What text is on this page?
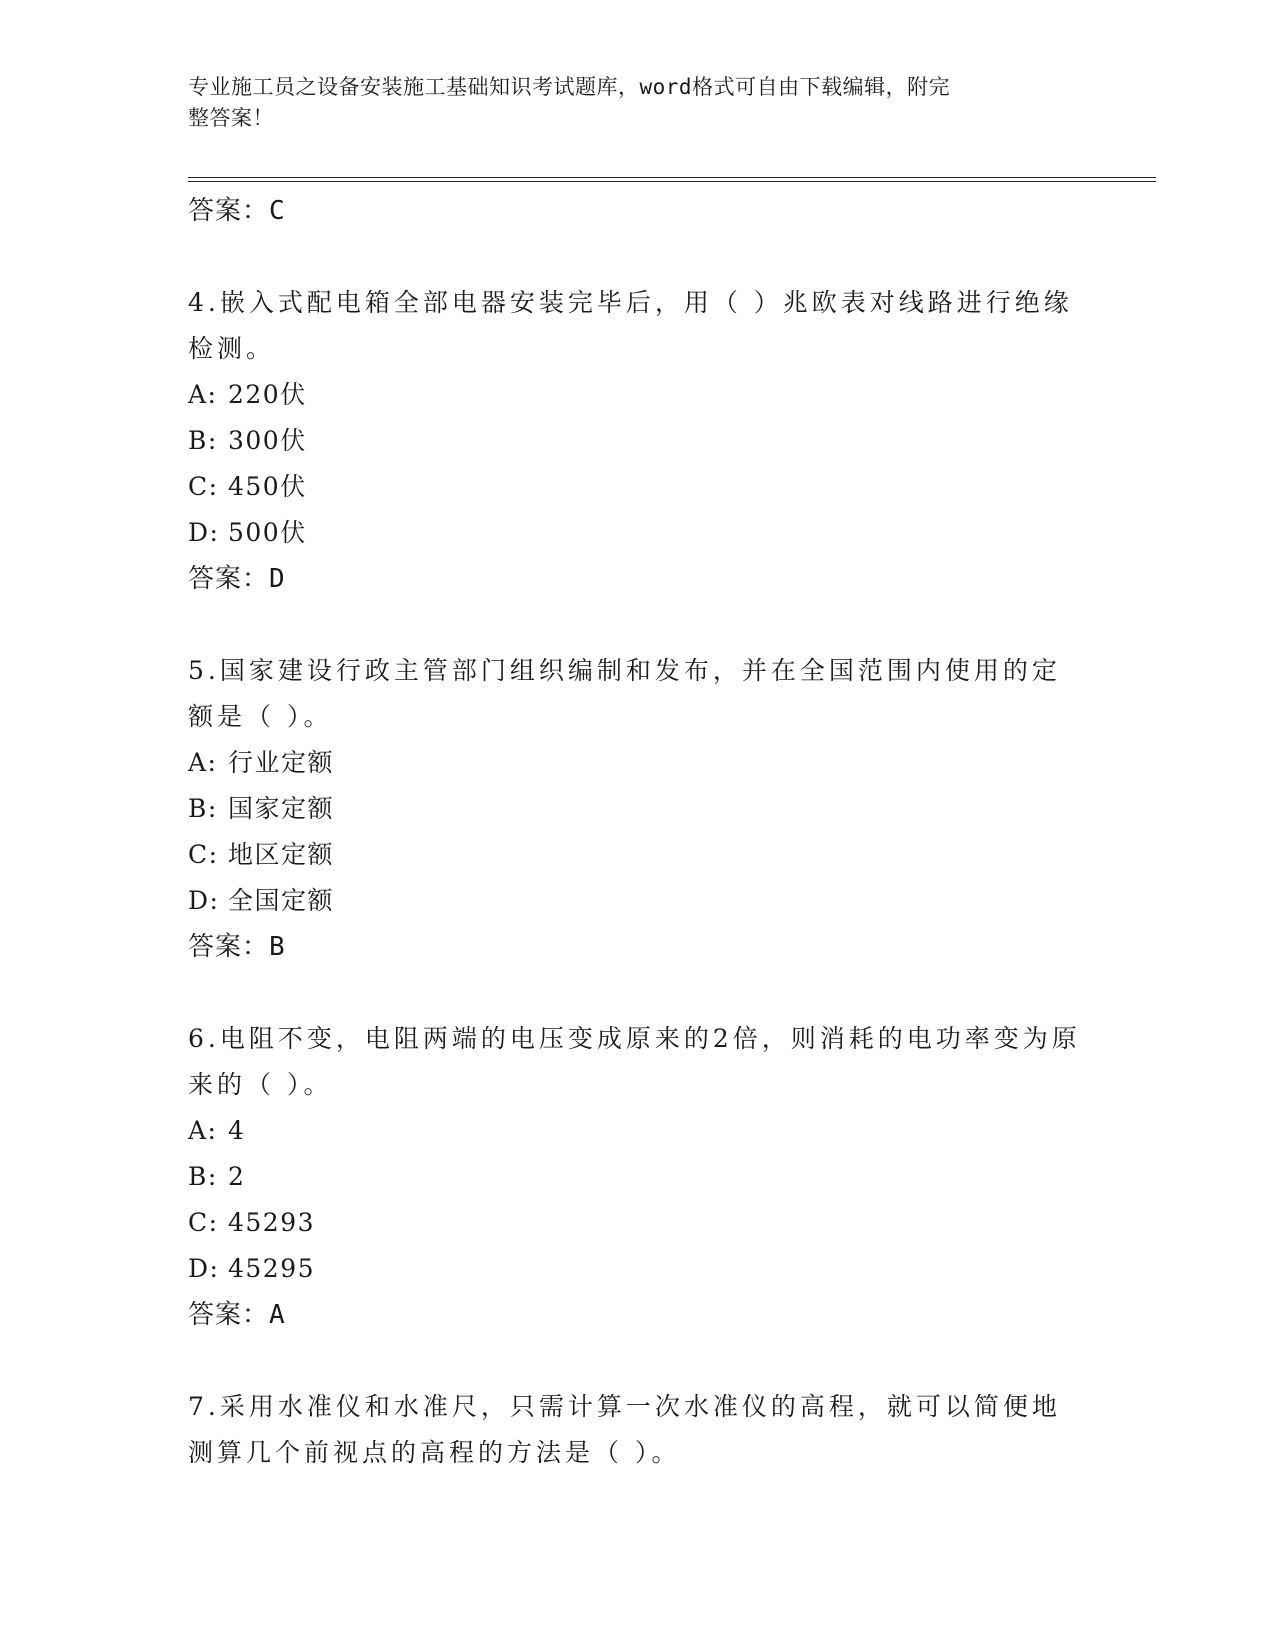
专业施工员之设备安装施工基础知识考试题库，word格式可自由下载编辑，附完
整答案！
答案：C
4.嵌入式配电箱全部电器安装完毕后，用（ ）兆欧表对线路进行绝缘检测。
A: 220伏
B: 300伏
C: 450伏
D: 500伏
答案：D
5.国家建设行政主管部门组织编制和发布，并在全国范围内使用的定额是（ ）。
A: 行业定额
B: 国家定额
C: 地区定额
D: 全国定额
答案：B
6.电阻不变，电阻两端的电压变成原来的2倍，则消耗的电功率变为原来的（ ）。
A: 4
B: 2
C: 45293
D: 45295
答案：A
7.采用水准仪和水准尺，只需计算一次水准仪的高程，就可以简便地测算几个前视点的高程的方法是（ ）。
